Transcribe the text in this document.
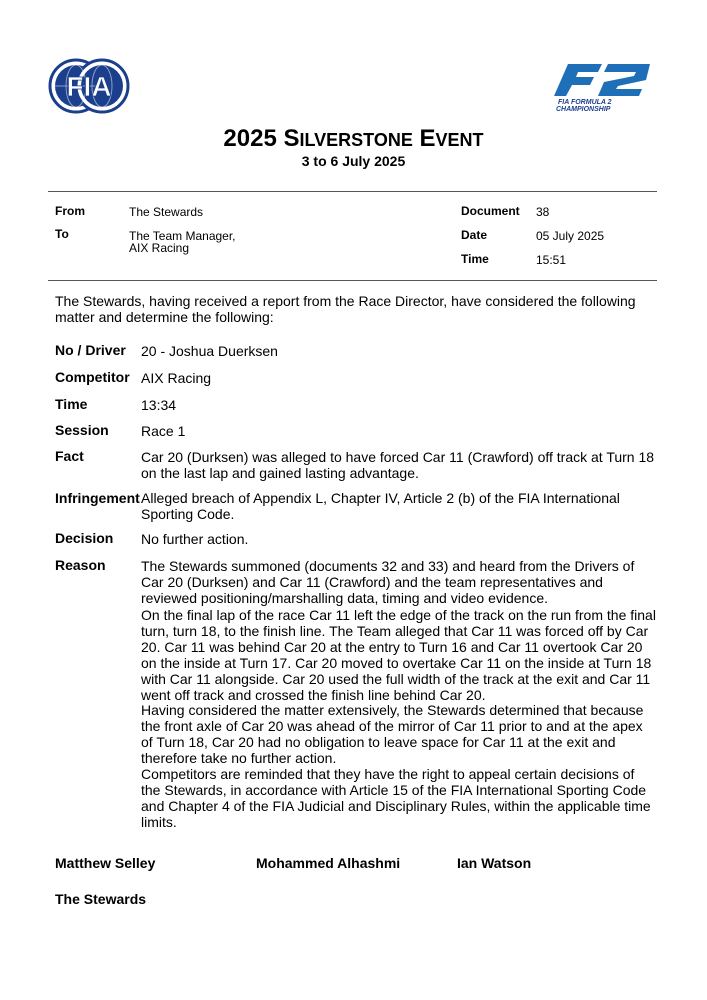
FIA
FIA FORMULA 2
CHAMPIONSHIP
2025 SILVERSTONE EVENT
3 to 6 July 2025
From	The Stewards
To	The Team Manager,
AIX Racing
Document 38
Date	05 July 2025
Time	15:51
The Stewards, having received a report from the Race Director, have considered the following matter and determine the following:
No / Driver 20 - Joshua Duerksen
Competitor AIX Racing
Time	13:34
Session Race 1
Fact	Car 20 (Durksen) was alleged to have forced Car 11 (Crawford) off track at Turn 18 on the last lap and gained lasting advantage.
Infringement Alleged breach of Appendix L, Chapter IV, Article 2 (b) of the FIA International Sporting Code.
Decision No further action.
Reason	The Stewards summoned (documents 32 and 33) and heard from the Drivers of Car 20 (Durksen) and Car 11 (Crawford) and the team representatives and reviewed positioning/marshalling data, timing and video evidence.
On the final lap of the race Car 11 left the edge of the track on the run from the final turn, turn 18, to the finish line. The Team alleged that Car 11 was forced off by Car 20. Car 11 was behind Car 20 at the entry to Turn 16 and Car 11 overtook Car 20 on the inside at Turn 17. Car 20 moved to overtake Car 11 on the inside at Turn 18 with Car 11 alongside. Car 20 used the full width of the track at the exit and Car 11 went off track and crossed the finish line behind Car 20.
Having considered the matter extensively, the Stewards determined that because the front axle of Car 20 was ahead of the mirror of Car 11 prior to and at the apex of Turn 18, Car 20 had no obligation to leave space for Car 11 at the exit and therefore take no further action.
Competitors are reminded that they have the right to appeal certain decisions of the Stewards, in accordance with Article 15 of the FIA International Sporting Code and Chapter 4 of the FIA Judicial and Disciplinary Rules, within the applicable time limits.
Matthew Selley	Mohammed Alhashmi	Ian Watson
The Stewards
